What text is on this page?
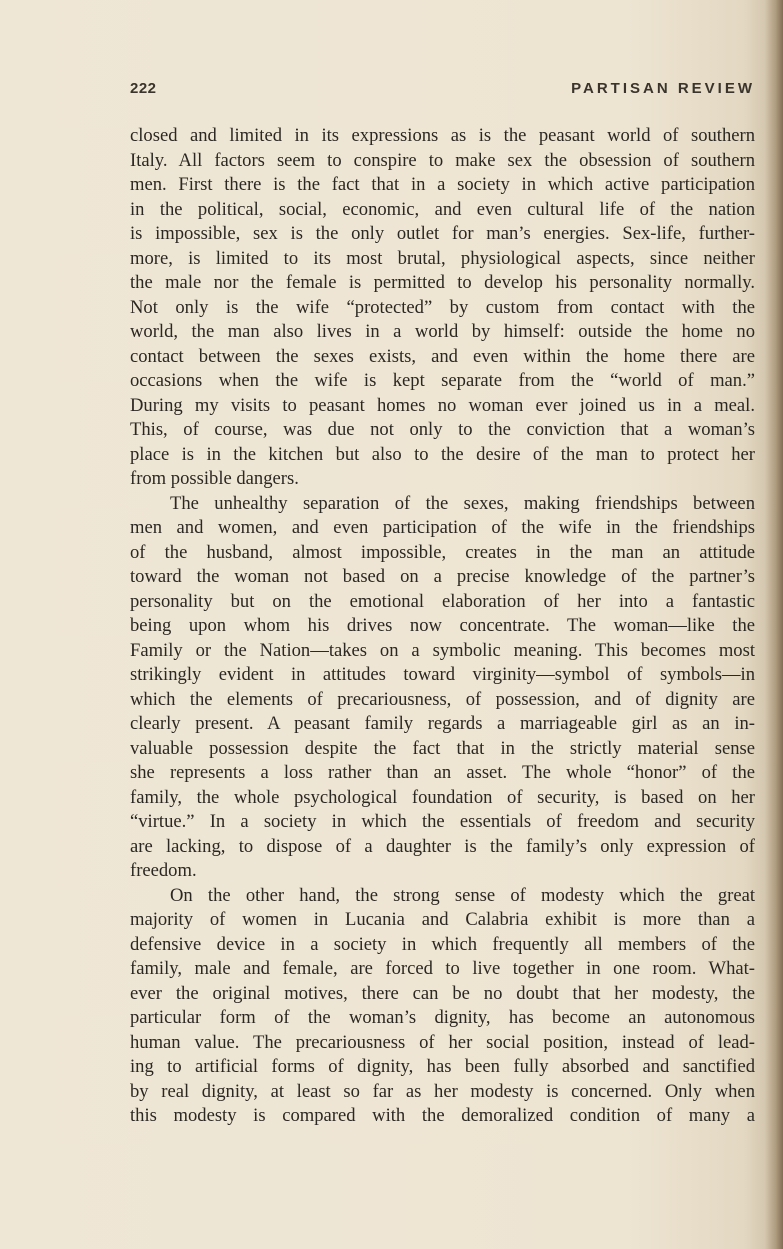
222	PARTISAN REVIEW
closed and limited in its expressions as is the peasant world of southern
Italy. All factors seem to conspire to make sex the obsession of southern
men. First there is the fact that in a society in which active participation
in the political, social, economic, and even cultural life of the nation
is impossible, sex is the only outlet for man’s energies. Sex-life, further-
more, is limited to its most brutal, physiological aspects, since neither
the male nor the female is permitted to develop his personality normally.
Not only is the wife “protected” by custom from contact with the
world, the man also lives in a world by himself: outside the home no
contact between the sexes exists, and even within the home there are
occasions when the wife is kept separate from the “world of man.”
During my visits to peasant homes no woman ever joined us in a meal.
This, of course, was due not only to the conviction that a woman’s
place is in the kitchen but also to the desire of the man to protect her
from possible dangers.
The unhealthy separation of the sexes, making friendships between
men and women, and even participation of the wife in the friendships
of the husband, almost impossible, creates in the man an attitude
toward the woman not based on a precise knowledge of the partner’s
personality but on the emotional elaboration of her into a fantastic
being upon whom his drives now concentrate. The woman—like the
Family or the Nation—takes on a symbolic meaning. This becomes most
strikingly evident in attitudes toward virginity—symbol of symbols—in
which the elements of precariousness, of possession, and of dignity are
clearly present. A peasant family regards a marriageable girl as an in-
valuable possession despite the fact that in the strictly material sense
she represents a loss rather than an asset. The whole “honor” of the
family, the whole psychological foundation of security, is based on her
“virtue.” In a society in which the essentials of freedom and security
are lacking, to dispose of a daughter is the family’s only expression of
freedom.
On the other hand, the strong sense of modesty which the great
majority of women in Lucania and Calabria exhibit is more than a
defensive device in a society in which frequently all members of the
family, male and female, are forced to live together in one room. What-
ever the original motives, there can be no doubt that her modesty, the
particular form of the woman’s dignity, has become an autonomous
human value. The precariousness of her social position, instead of lead-
ing to artificial forms of dignity, has been fully absorbed and sanctified
by real dignity, at least so far as her modesty is concerned. Only when
this modesty is compared with the demoralized condition of many a
